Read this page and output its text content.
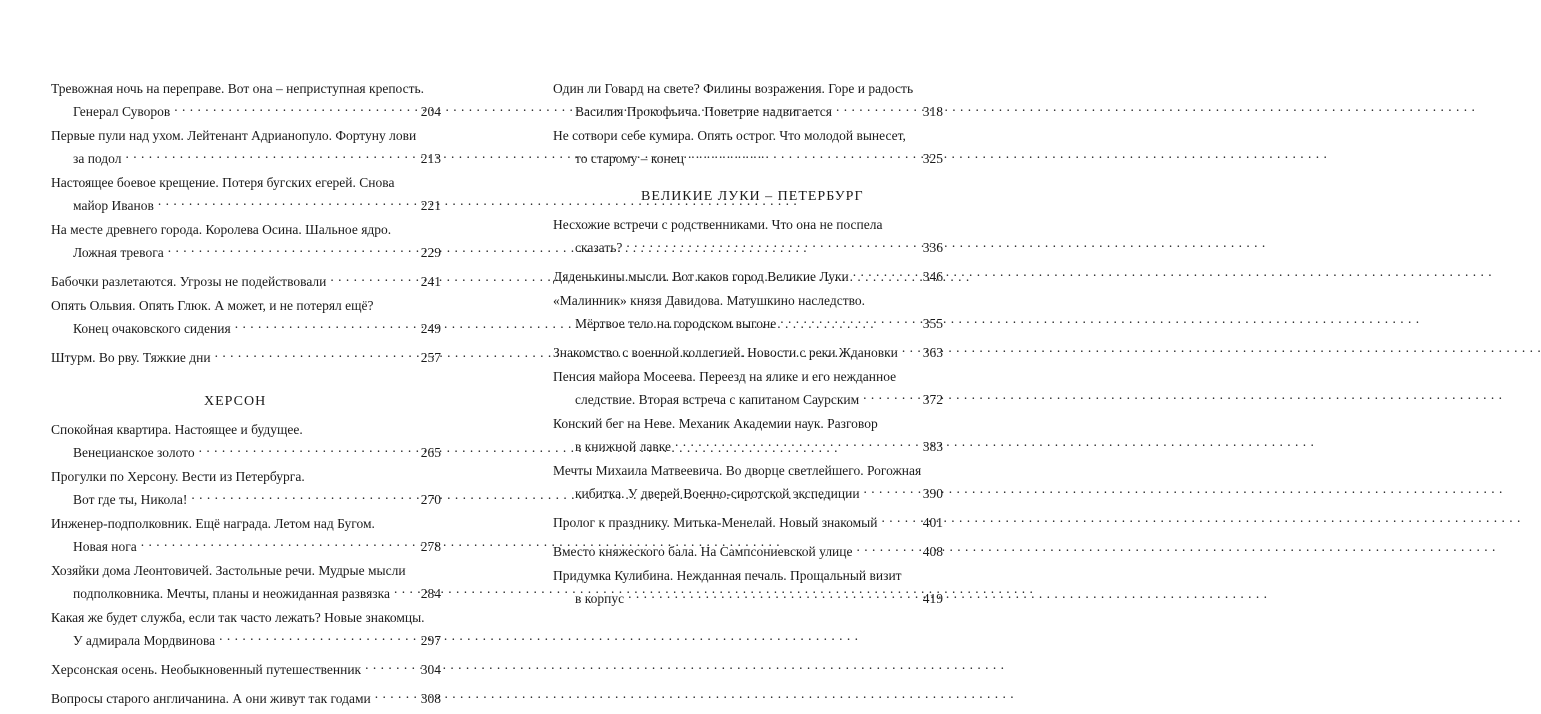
Тревожная ночь на переправе. Вот она – неприступная крепость.
Генерал Суворов . . .	204
Первые пули над ухом. Лейтенант Адрианопуло. Фортуну лови
за подол . . .	213
Настоящее боевое крещение. Потеря бугских егерей. Снова
майор Иванов . . .	221
На месте древнего города. Королева Осина. Шальное ядро.
Ложная тревога . . .	229
Бабочки разлетаются. Угрозы не подействовали . . .	241
Опять Ольвия. Опять Глюк. А может, и не потерял ещё?
Конец очаковского сидения . . .	249
Штурм. Во рву. Тяжкие дни . . .	257
ХЕРСОН
Спокойная квартира. Настоящее и будущее.
Венецианское золото . . .	265
Прогулки по Херсону. Вести из Петербурга.
Вот где ты, Никола! . . .	270
Инженер-подполковник. Ещё награда. Летом над Бугом.
Новая нога . . .	278
Хозяйки дома Леонтовичей. Застольные речи. Мудрые мысли
подполковника. Мечты, планы и неожиданная развязка . . . 284
Какая же будет служба, если так часто лежать? Новые знакомцы.
У адмирала Мордвинова . . .	297
Херсонская осень. Необыкновенный путешественник . . .	304
Вопросы старого англичанина. А они живут так годами . . .	308
Один ли Говард на свете? Филины возражения. Горе и радость
Василия Прокофьича. Поветрие надвигается . . .	318
Не сотвори себе кумира. Опять острог. Что молодой вынесет,
то старому – конец . . .	325
ВЕЛИКИЕ ЛУКИ – ПЕТЕРБУРГ
Несхожие встречи с родственниками. Что она не поспела
сказать? . . .	336
Дяденькины мысли. Вот каков город Великие Луки . . .	346
«Малинник» князя Давидова. Матушкино наследство.
Мёртвое тело на городском выгоне . . .	355
Знакомство с военной коллегией. Новости с реки Ждановки . . . 363
Пенсия майора Мосеева. Переезд на ялике и его нежданное
следствие. Вторая встреча с капитаном Саурским . . .	372
Конский бег на Неве. Механик Академии наук. Разговор
в книжной лавке . . .	383
Мечты Михаила Матвеевича. Во дворце светлейшего. Рогожная
кибитка. У дверей Военно-сиротской экспедиции . . .	390
Пролог к празднику. Митька-Менелай. Новый знакомый . . .	401
Вместо княжеского бала. На Сампсониевской улице . . .	408
Придумка Кулибина. Нежданная печаль. Прощальный визит
в корпус . . .	419
